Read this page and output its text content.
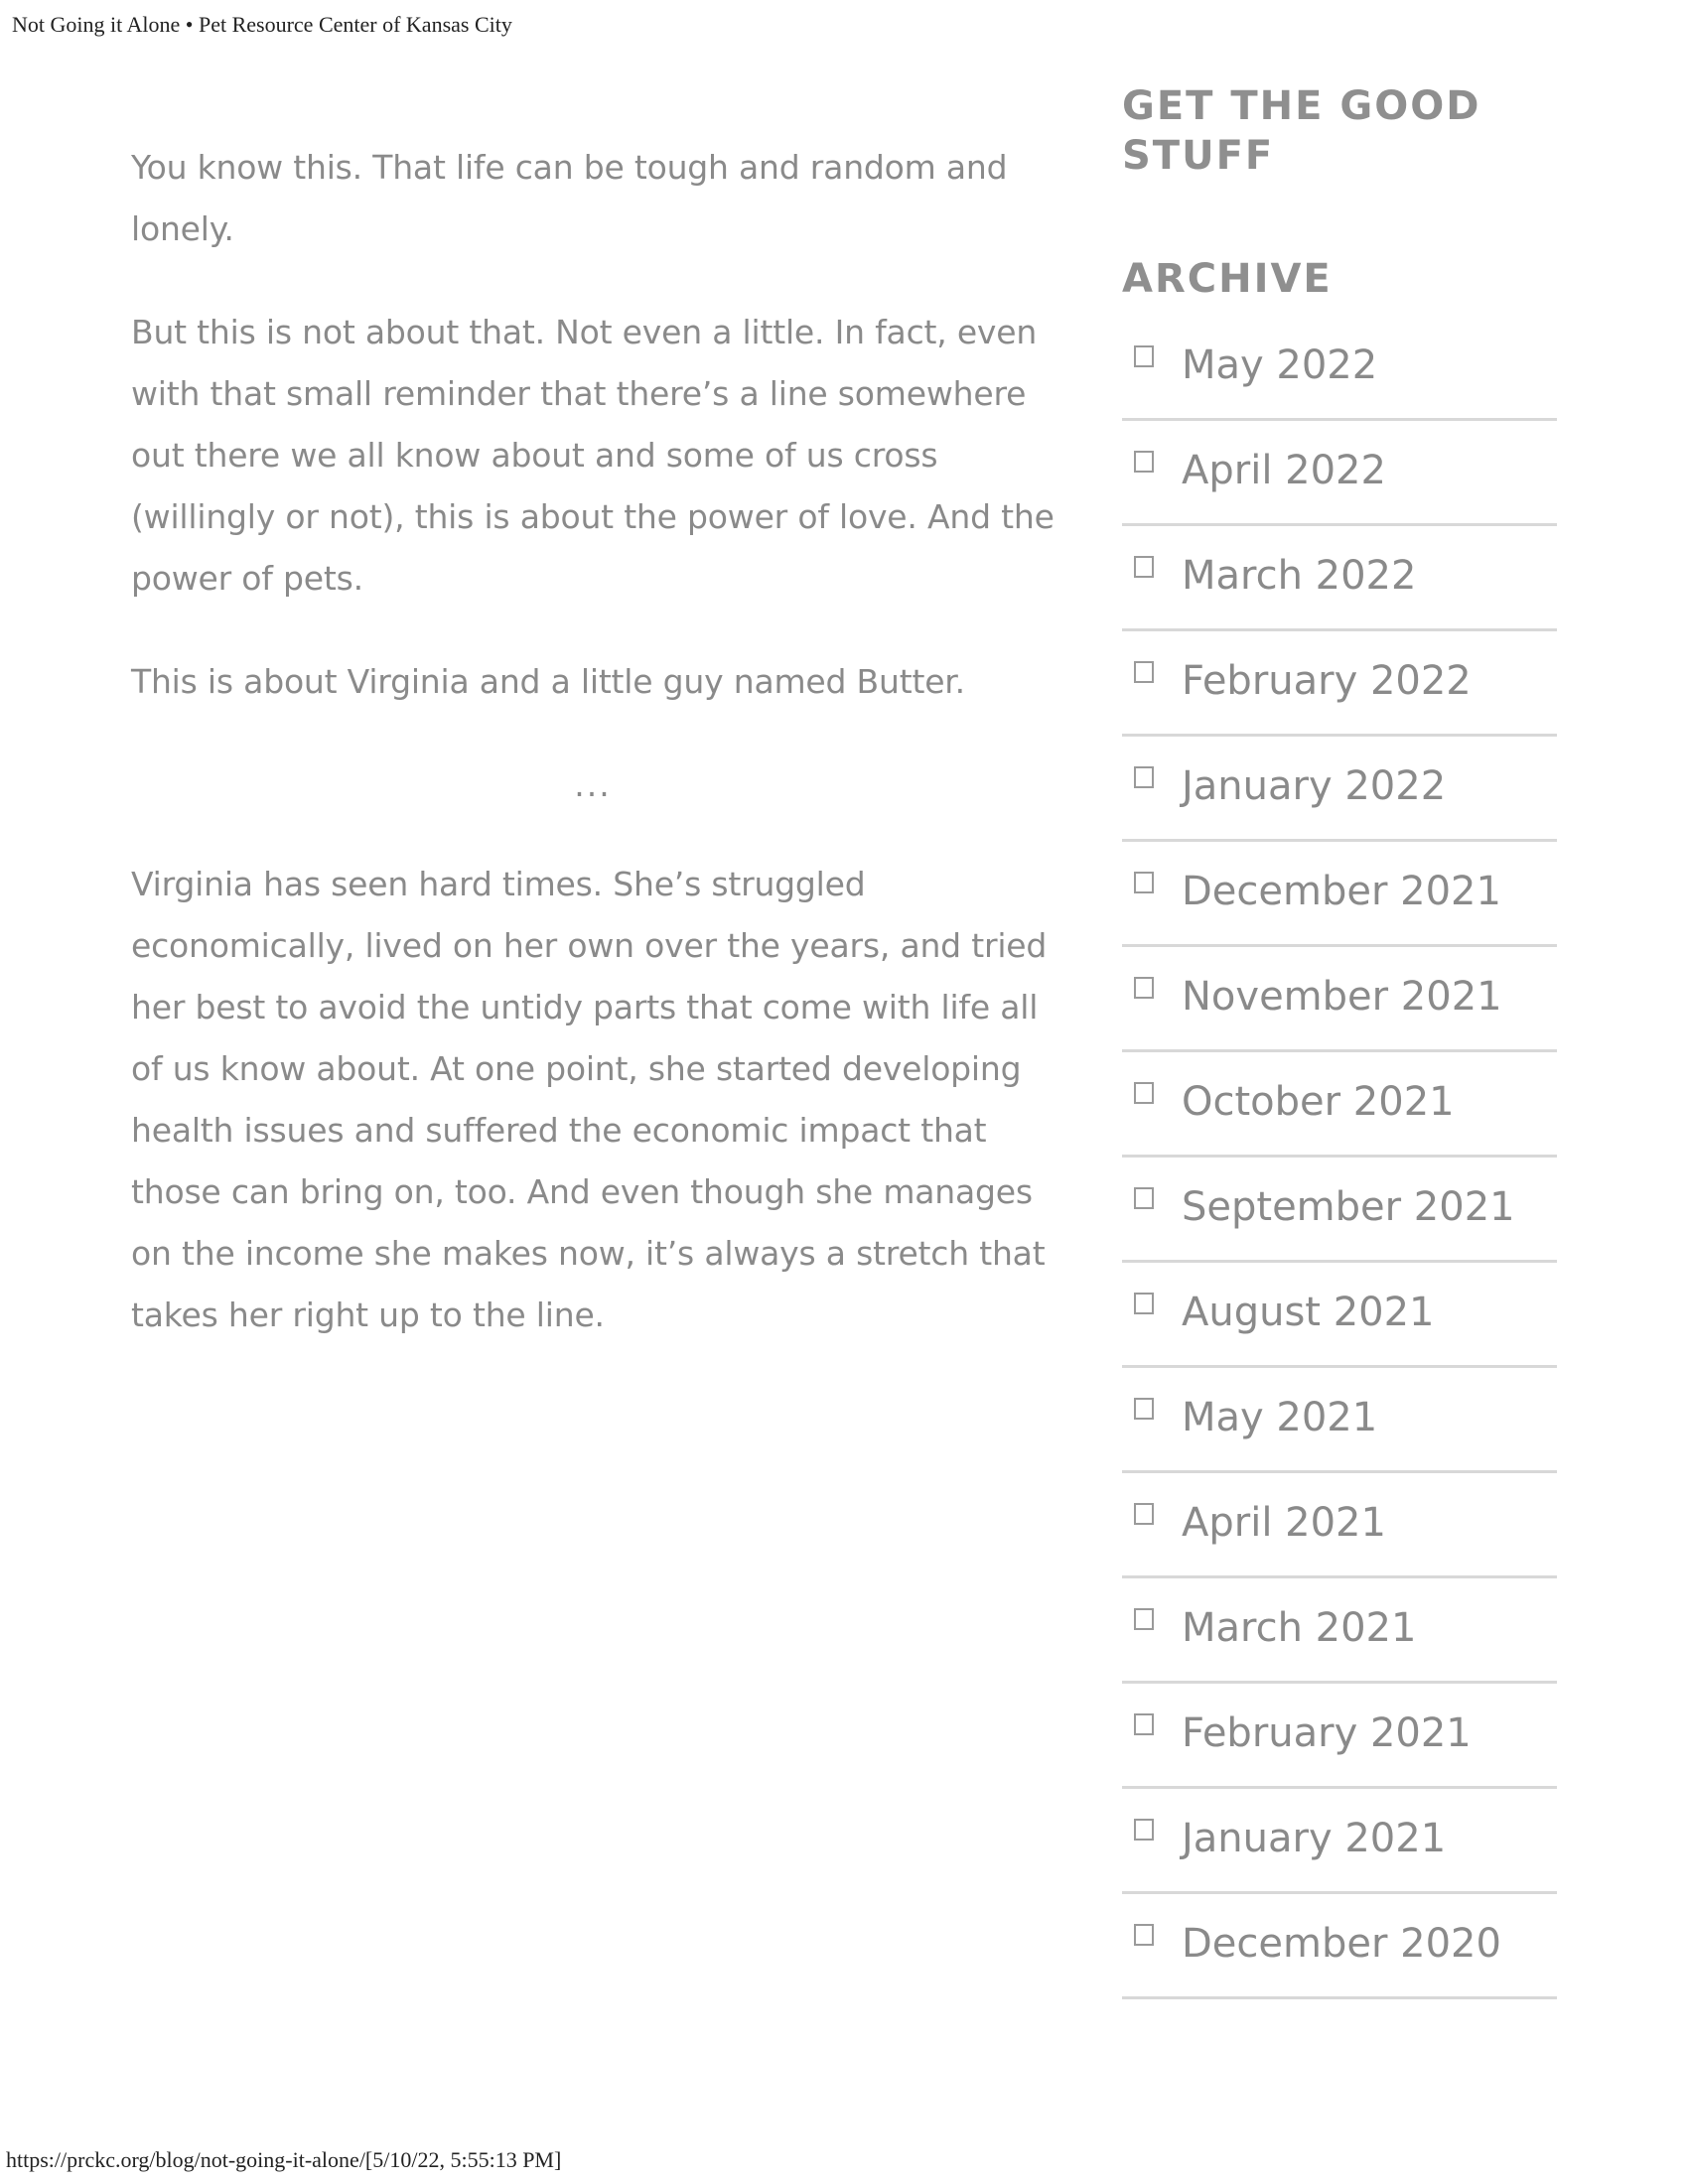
Not Going it Alone • Pet Resource Center of Kansas City

You know this. That life can be tough and random and lonely.

But this is not about that. Not even a little. In fact, even with that small reminder that there’s a line somewhere out there we all know about and some of us cross (willingly or not), this is about the power of love. And the power of pets.

This is about Virginia and a little guy named Butter.

...

Virginia has seen hard times. She’s struggled economically, lived on her own over the years, and tried her best to avoid the untidy parts that come with life all of us know about. At one point, she started developing health issues and suffered the economic impact that those can bring on, too. And even though she manages on the income she makes now, it’s always a stretch that takes her right up to the line.

GET THE GOOD STUFF
ARCHIVE
May 2022
April 2022
March 2022
February 2022
January 2022
December 2021
November 2021
October 2021
September 2021
August 2021
May 2021
April 2021
March 2021
February 2021
January 2021
December 2020
https://prckc.org/blog/not-going-it-alone/[5/10/22, 5:55:13 PM]
